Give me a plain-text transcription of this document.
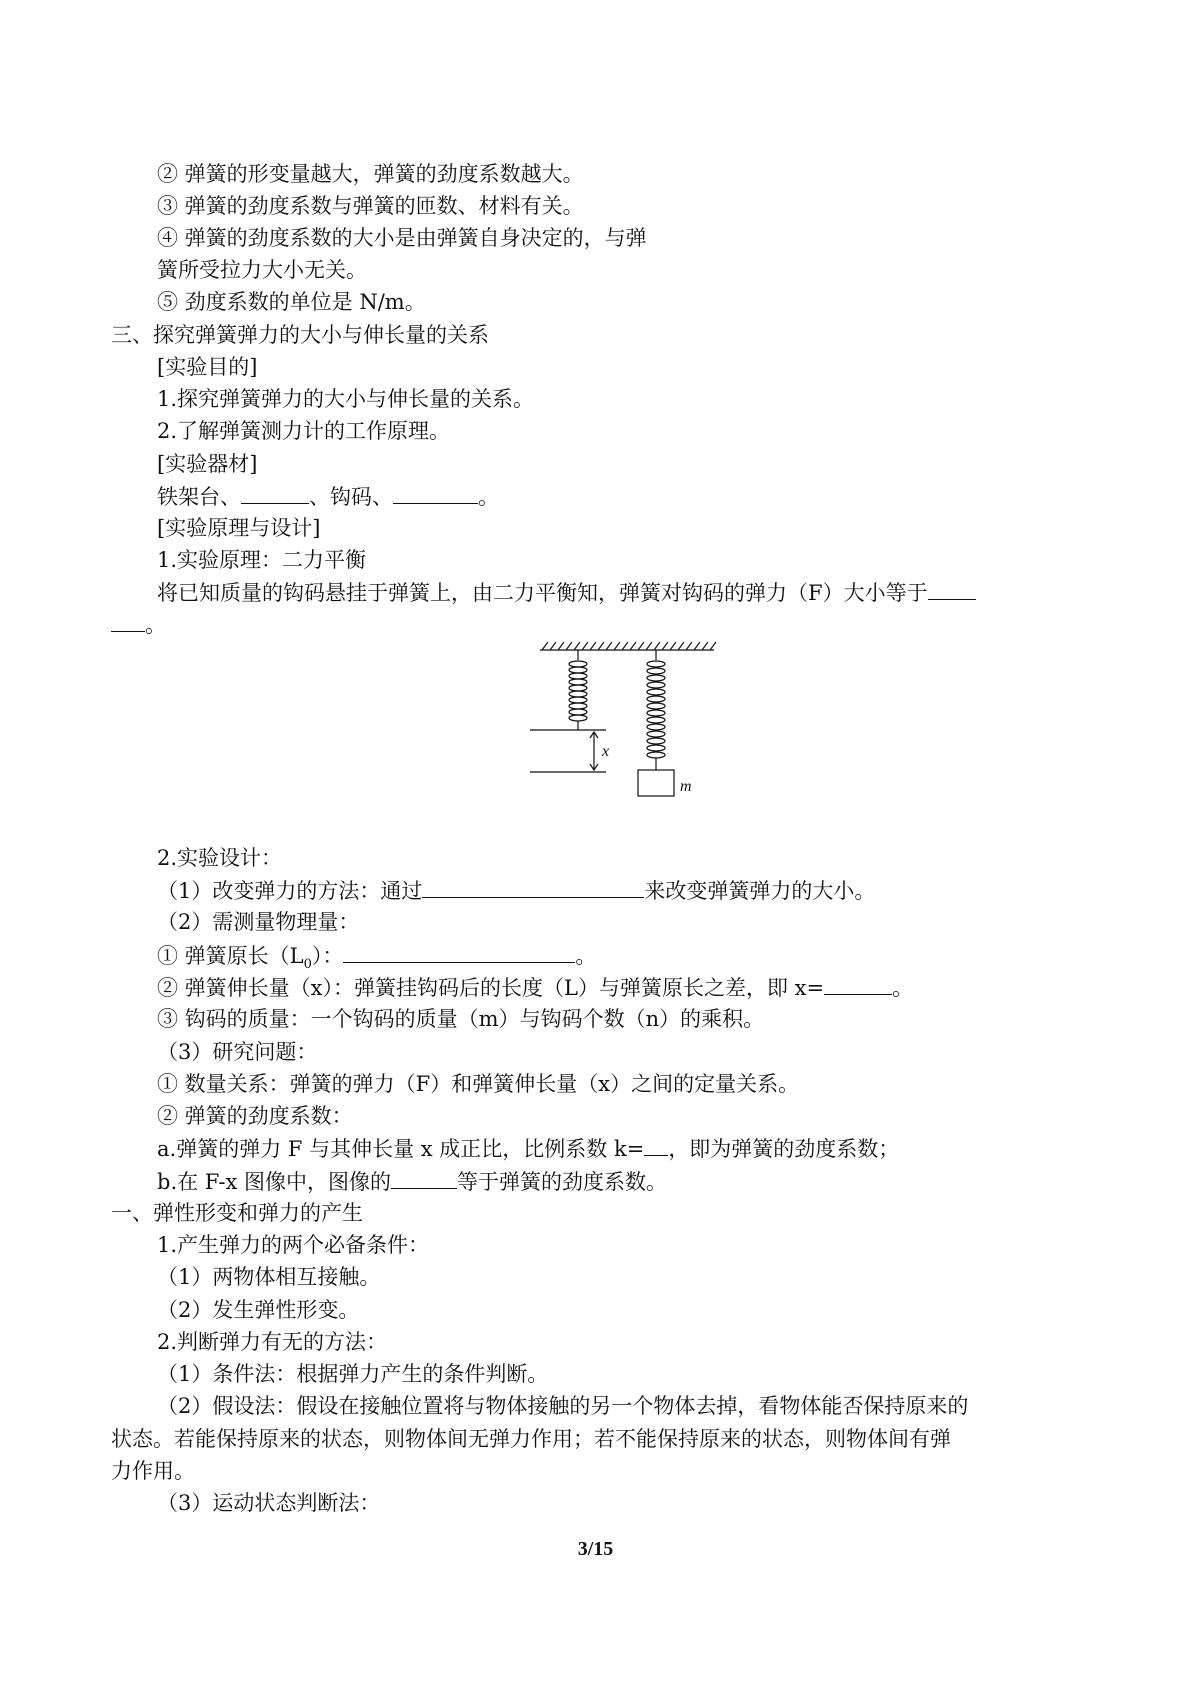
② 弹簧的形变量越大，弹簧的劲度系数越大。
③ 弹簧的劲度系数与弹簧的匝数、材料有关。
④ 弹簧的劲度系数的大小是由弹簧自身决定的，与弹
簧所受拉力大小无关。
⑤ 劲度系数的单位是 N/m。
三、探究弹簧弹力的大小与伸长量的关系
[实验目的]
1.探究弹簧弹力的大小与伸长量的关系。
2.了解弹簧测力计的工作原理。
[实验器材]
铁架台、	、钩码、	。
[实验原理与设计]
1.实验原理：二力平衡
将已知质量的钩码悬挂于弹簧上，由二力平衡知，弹簧对钩码的弹力（F）大小等于
。
x
m
2.实验设计：
（1）改变弹力的方法：通过	来改变弹簧弹力的大小。
（2）需测量物理量：
① 弹簧原长$(L_0)$：	。
② 弹簧伸长量（x）：弹簧挂钩码后的长度（L）与弹簧原长之差，即 x=	。
③ 钩码的质量：一个钩码的质量（m）与钩码个数（n）的乘积。
（3）研究问题：
① 数量关系：弹簧的弹力（F）和弹簧伸长量（x）之间的定量关系。
② 弹簧的劲度系数：
a.弹簧的弹力 F 与其伸长量 x 成正比，比例系数 k= ，即为弹簧的劲度系数；
b.在 F-x 图像中，图像的	等于弹簧的劲度系数。
一、弹性形变和弹力的产生
1.产生弹力的两个必备条件：
（1）两物体相互接触。
（2）发生弹性形变。
2.判断弹力有无的方法：
（1）条件法：根据弹力产生的条件判断。
（2）假设法：假设在接触位置将与物体接触的另一个物体去掉，看物体能否保持原来的
状态。若能保持原来的状态，则物体间无弹力作用；若不能保持原来的状态，则物体间有弹
力作用。
（3）运动状态判断法：
3/15
